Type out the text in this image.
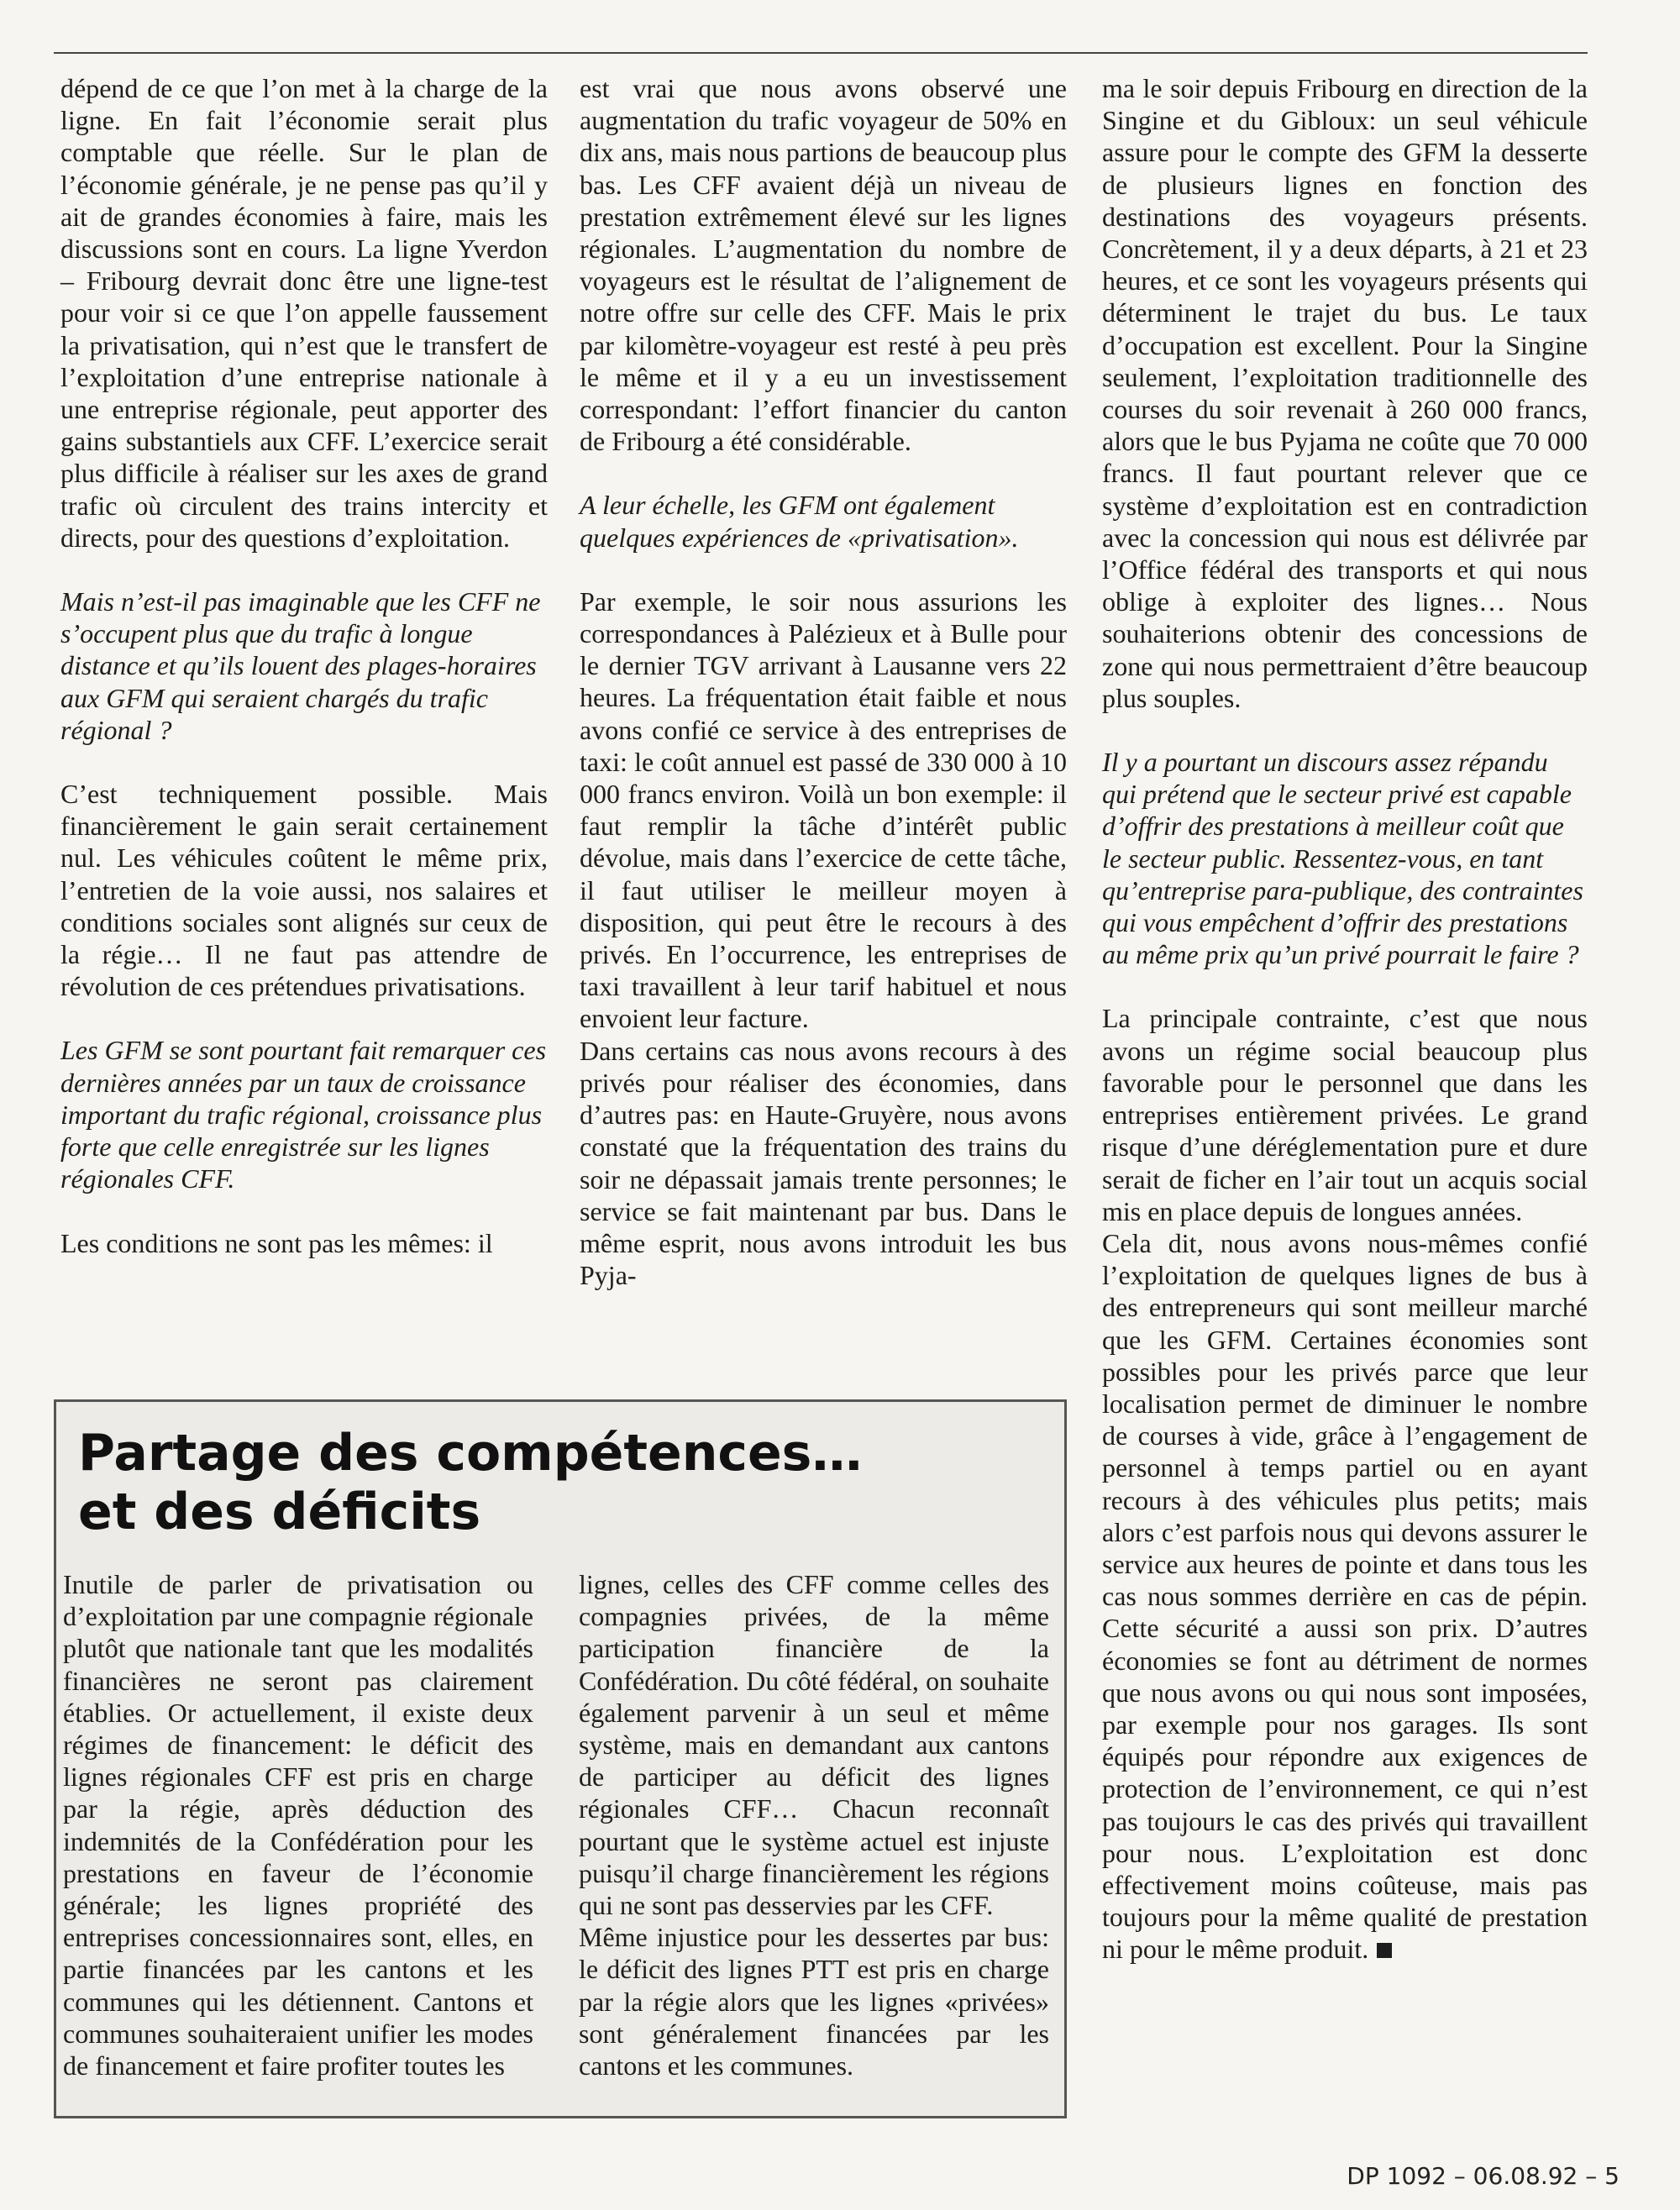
dépend de ce que l’on met à la charge de la ligne. En fait l’économie serait plus comptable que réelle. Sur le plan de l’économie générale, je ne pense pas qu’il y ait de grandes économies à faire, mais les discussions sont en cours. La ligne Yverdon – Fribourg devrait donc être une ligne-test pour voir si ce que l’on appelle faussement la privatisation, qui n’est que le transfert de l’exploitation d’une entreprise nationale à une entreprise régionale, peut apporter des gains substantiels aux CFF. L’exercice serait plus difficile à réaliser sur les axes de grand trafic où circulent des trains intercity et directs, pour des questions d’exploitation.

Mais n’est-il pas imaginable que les CFF ne s’occupent plus que du trafic à longue distance et qu’ils louent des plages-horaires aux GFM qui seraient chargés du trafic régional ?

C’est techniquement possible. Mais financièrement le gain serait certainement nul. Les véhicules coûtent le même prix, l’entretien de la voie aussi, nos salaires et conditions sociales sont alignés sur ceux de la régie… Il ne faut pas attendre de révolution de ces prétendues privatisations.

Les GFM se sont pourtant fait remarquer ces dernières années par un taux de croissance important du trafic régional, croissance plus forte que celle enregistrée sur les lignes régionales CFF.

Les conditions ne sont pas les mêmes: il

est vrai que nous avons observé une augmentation du trafic voyageur de 50% en dix ans, mais nous partions de beaucoup plus bas. Les CFF avaient déjà un niveau de prestation extrêmement élevé sur les lignes régionales. L’augmentation du nombre de voyageurs est le résultat de l’alignement de notre offre sur celle des CFF. Mais le prix par kilomètre-voyageur est resté à peu près le même et il y a eu un investissement correspondant: l’effort financier du canton de Fribourg a été considérable.

A leur échelle, les GFM ont également quelques expériences de «privatisation».

Par exemple, le soir nous assurions les correspondances à Palézieux et à Bulle pour le dernier TGV arrivant à Lausanne vers 22 heures. La fréquentation était faible et nous avons confié ce service à des entreprises de taxi: le coût annuel est passé de 330 000 à 10 000 francs environ. Voilà un bon exemple: il faut remplir la tâche d’intérêt public dévolue, mais dans l’exercice de cette tâche, il faut utiliser le meilleur moyen à disposition, qui peut être le recours à des privés. En l’occurrence, les entreprises de taxi travaillent à leur tarif habituel et nous envoient leur facture.

Dans certains cas nous avons recours à des privés pour réaliser des économies, dans d’autres pas: en Haute-Gruyère, nous avons constaté que la fréquentation des trains du soir ne dépassait jamais trente personnes; le service se fait maintenant par bus. Dans le même esprit, nous avons introduit les bus Pyja-

ma le soir depuis Fribourg en direction de la Singine et du Gibloux: un seul véhicule assure pour le compte des GFM la desserte de plusieurs lignes en fonction des destinations des voyageurs présents. Concrètement, il y a deux départs, à 21 et 23 heures, et ce sont les voyageurs présents qui déterminent le trajet du bus. Le taux d’occupation est excellent. Pour la Singine seulement, l’exploitation traditionnelle des courses du soir revenait à 260 000 francs, alors que le bus Pyjama ne coûte que 70 000 francs. Il faut pourtant relever que ce système d’exploitation est en contradiction avec la concession qui nous est délivrée par l’Office fédéral des transports et qui nous oblige à exploiter des lignes… Nous souhaiterions obtenir des concessions de zone qui nous permettraient d’être beaucoup plus souples.

Il y a pourtant un discours assez répandu qui prétend que le secteur privé est capable d’offrir des prestations à meilleur coût que le secteur public. Ressentez-vous, en tant qu’entreprise para-publique, des contraintes qui vous empêchent d’offrir des prestations au même prix qu’un privé pourrait le faire ?

La principale contrainte, c’est que nous avons un régime social beaucoup plus favorable pour le personnel que dans les entreprises entièrement privées. Le grand risque d’une déréglementation pure et dure serait de ficher en l’air tout un acquis social mis en place depuis de longues années.

Cela dit, nous avons nous-mêmes confié l’exploitation de quelques lignes de bus à des entrepreneurs qui sont meilleur marché que les GFM. Certaines économies sont possibles pour les privés parce que leur localisation permet de diminuer le nombre de courses à vide, grâce à l’engagement de personnel à temps partiel ou en ayant recours à des véhicules plus petits; mais alors c’est parfois nous qui devons assurer le service aux heures de pointe et dans tous les cas nous sommes derrière en cas de pépin. Cette sécurité a aussi son prix. D’autres économies se font au détriment de normes que nous avons ou qui nous sont imposées, par exemple pour nos garages. Ils sont équipés pour répondre aux exigences de protection de l’environnement, ce qui n’est pas toujours le cas des privés qui travaillent pour nous. L’exploitation est donc effectivement moins coûteuse, mais pas toujours pour la même qualité de prestation ni pour le même produit.

Partage des compétences…
et des déficits

Inutile de parler de privatisation ou d’exploitation par une compagnie régionale plutôt que nationale tant que les modalités financières ne seront pas clairement établies. Or actuellement, il existe deux régimes de financement: le déficit des lignes régionales CFF est pris en charge par la régie, après déduction des indemnités de la Confédération pour les prestations en faveur de l’économie générale; les lignes propriété des entreprises concessionnaires sont, elles, en partie financées par les cantons et les communes qui les détiennent. Cantons et communes souhaiteraient unifier les modes de financement et faire profiter toutes les

lignes, celles des CFF comme celles des compagnies privées, de la même participation financière de la Confédération. Du côté fédéral, on souhaite également parvenir à un seul et même système, mais en demandant aux cantons de participer au déficit des lignes régionales CFF… Chacun reconnaît pourtant que le système actuel est injuste puisqu’il charge financièrement les régions qui ne sont pas desservies par les CFF.

Même injustice pour les dessertes par bus: le déficit des lignes PTT est pris en charge par la régie alors que les lignes «privées» sont généralement financées par les cantons et les communes.

DP 1092 – 06.08.92 – 5
